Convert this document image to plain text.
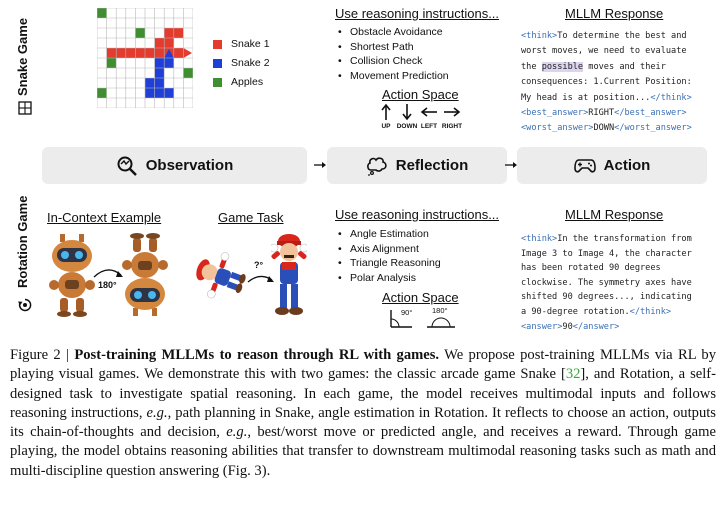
Snake Game	Snake 1
Snake 2
Apples
Use reasoning instructions...
• Obstacle Avoidance
• Shortest Path
• Collision Check
• Movement Prediction
Action Space
UP DOWN LEFT RIGHT
MLLM Response
<think>To determine the best and
worst moves, we need to evaluate
the possible moves and their
consequences: 1.Current Position:
My head is at position...</think>
<best_answer>RIGHT</best_answer>
<worst_answer>DOWN</worst_answer>
Observation	Reflection	Action
Rotation Game In-Context Example	Game Task
180°
?°
Use reasoning instructions...
• Angle Estimation
• Axis Alignment
• Triangle Reasoning
• Polar Analysis
Action Space
90°	180°
MLLM Response
<think>In the transformation from
Image 3 to Image 4, the character
has been rotated 90 degrees
clockwise. The symmetry axes have
shifted 90 degrees..., indicating
a 90-degree rotation.</think>
<answer>90</answer>

Figure 2 | Post-training MLLMs to reason through RL with games. We propose post-training MLLMs via RL by playing visual games. We demonstrate this with two games: the classic arcade game Snake [32], and Rotation, a self-designed task to investigate spatial reasoning. In each game, the model receives multimodal inputs and follows reasoning instructions, e.g., path planning in Snake, angle estimation in Rotation. It reflects to choose an action, outputs its chain-of-thoughts and decision, e.g., best/worst move or predicted angle, and receives a reward. Through game playing, the model obtains reasoning abilities that transfer to downstream multimodal reasoning tasks such as math and multi-discipline question answering (Fig. 3).
